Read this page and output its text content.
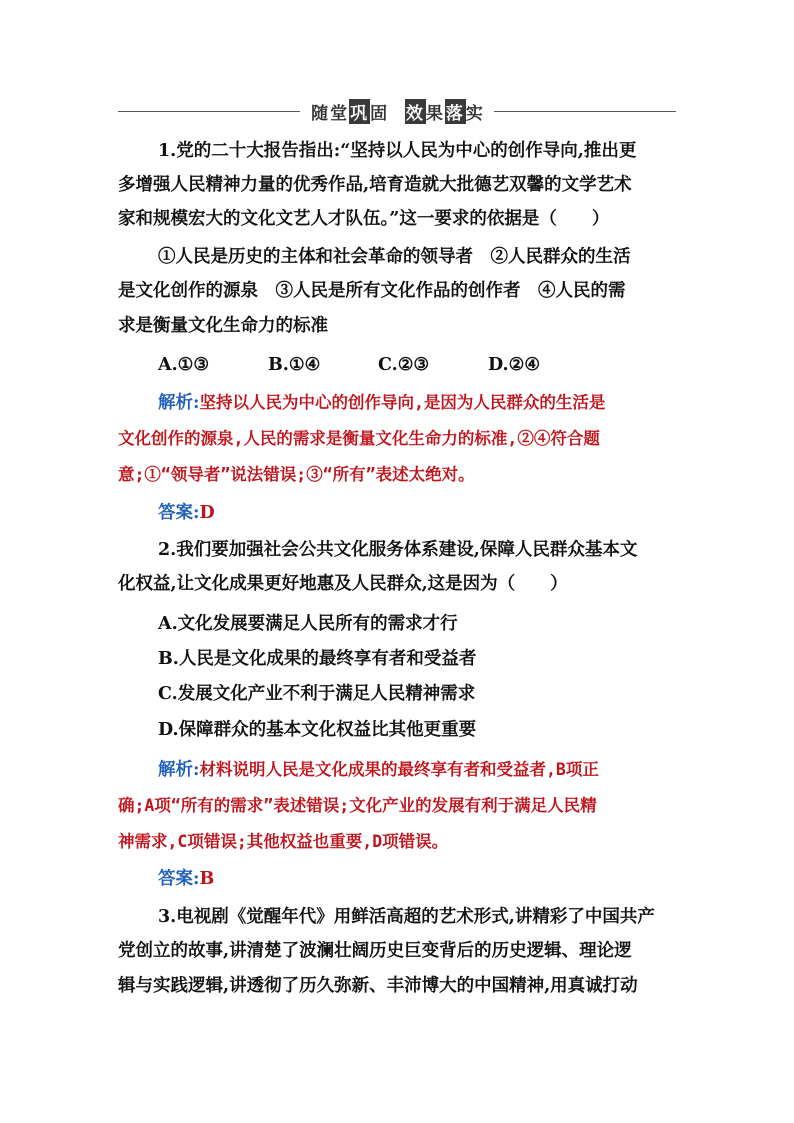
随堂巩固 效果落实
1.党的二十大报告指出:“坚持以人民为中心的创作导向,推出更
多增强人民精神力量的优秀作品,培育造就大批德艺双馨的文学艺术
家和规模宏大的文化文艺人才队伍。”这一要求的依据是（　　）
①人民是历史的主体和社会革命的领导者　②人民群众的生活
是文化创作的源泉　③人民是所有文化作品的创作者　④人民的需
求是衡量文化生命力的标准
A.①③	B.①④	C.②③	D.②④
解析:坚持以人民为中心的创作导向,是因为人民群众的生活是
文化创作的源泉,人民的需求是衡量文化生命力的标准,②④符合题
意;①“领导者”说法错误;③“所有”表述太绝对。
答案:D
2.我们要加强社会公共文化服务体系建设,保障人民群众基本文
化权益,让文化成果更好地惠及人民群众,这是因为（　　）
A.文化发展要满足人民所有的需求才行
B.人民是文化成果的最终享有者和受益者
C.发展文化产业不利于满足人民精神需求
D.保障群众的基本文化权益比其他更重要
解析:材料说明人民是文化成果的最终享有者和受益者,B项正
确;A项“所有的需求”表述错误;文化产业的发展有利于满足人民精
神需求,C项错误;其他权益也重要,D项错误。
答案:B
3.电视剧《觉醒年代》用鲜活高超的艺术形式,讲精彩了中国共产
党创立的故事,讲清楚了波澜壮阔历史巨变背后的历史逻辑、理论逻
辑与实践逻辑,讲透彻了历久弥新、丰沛博大的中国精神,用真诚打动
